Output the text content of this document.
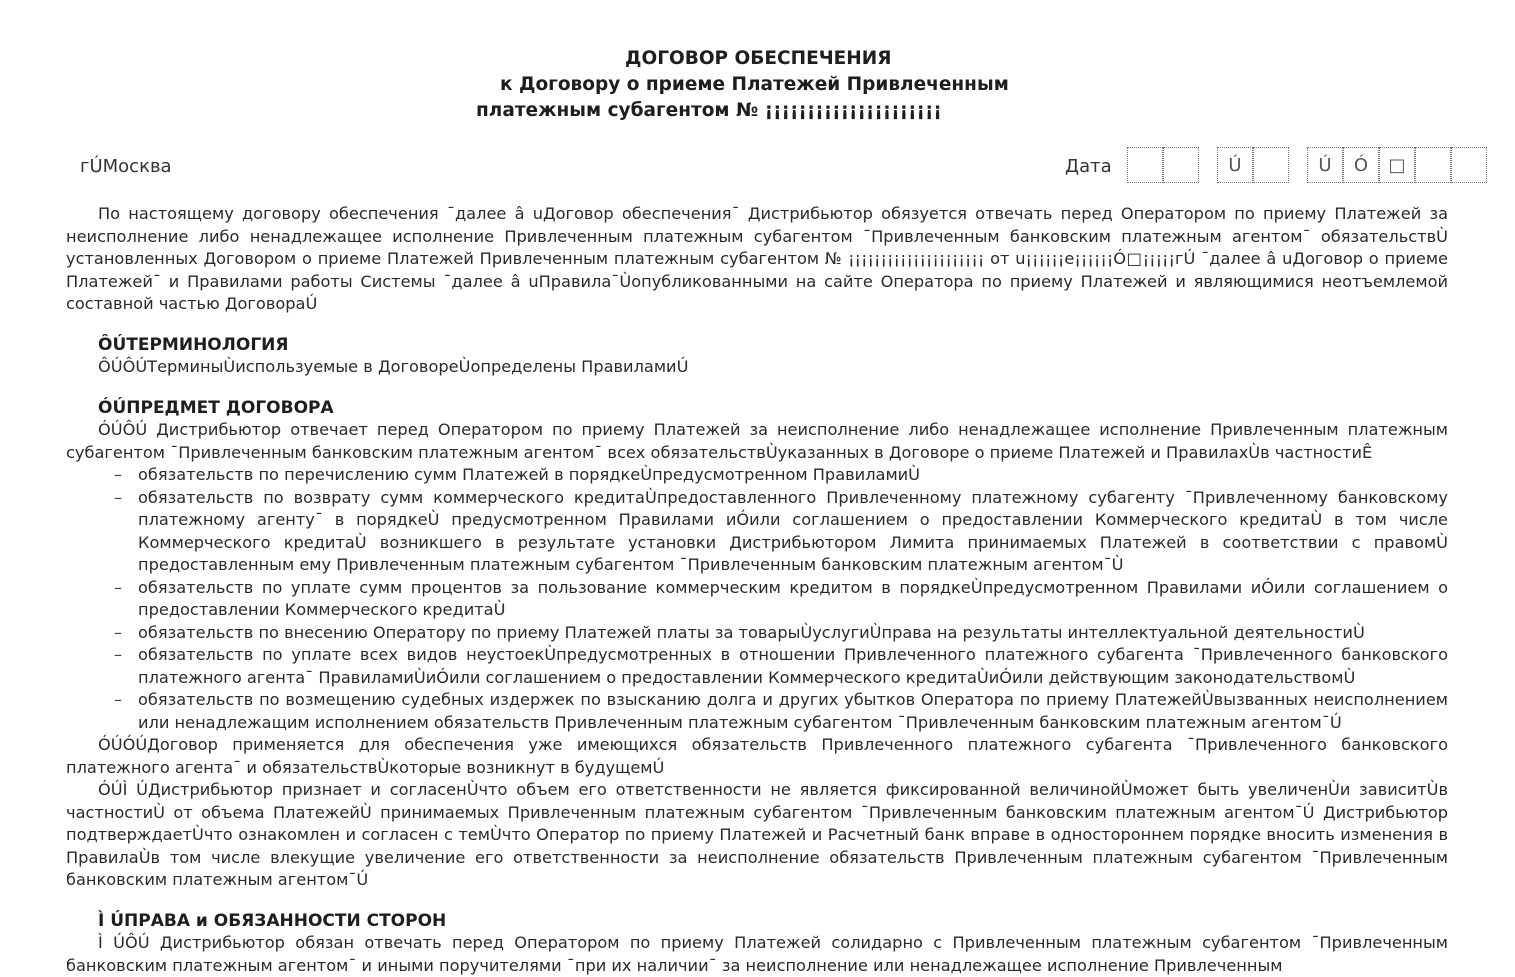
ДОГОВОР ОБЕСПЕЧЕНИЯ
к Договору о приеме Платежей Привлеченным
платежным субагентом № ¡¡¡¡¡¡¡¡¡¡¡¡¡¡¡¡¡¡¡¡¡
гÚМосква	Дата	Ú	Ú	Ó	□

По настоящему договору обеспечения ¯далее â uДоговор обеспечения¯ Дистрибьютор обязуется отвечать перед Оператором по приему Платежей за неисполнение либо ненадлежащее исполнение Привлеченным платежным субагентом ¯Привлеченным банковским платежным агентом¯ обязательствÙ установленных Договором о приеме Платежей Привлеченным платежным субагентом № ¡¡¡¡¡¡¡¡¡¡¡¡¡¡¡¡¡¡¡¡¡ от u¡¡¡¡¡¡e¡¡¡¡¡¡Ó□¡¡¡¡¡гÚ ¯далее â uДоговор о приеме Платежей¯ и Правилами работы Системы ¯далее â uПравила¯Ùопубликованными на сайте Оператора по приему Платежей и являющимися неотъемлемой составной частью ДоговораÚ

ÔÚТЕРМИНОЛОГИЯ

ÔÚÔÚТерминыÙиспользуемые в ДоговореÙопределены ПравиламиÚ

ÓÚПРЕДМЕТ ДОГОВОРА

ÓÚÔÚ Дистрибьютор отвечает перед Оператором по приему Платежей за неисполнение либо ненадлежащее исполнение Привлеченным платежным субагентом ¯Привлеченным банковским платежным агентом¯ всех обязательствÙуказанных в Договоре о приеме Платежей и ПравилахÙв частностиÊ

– обязательств по перечислению сумм Платежей в порядкеÙпредусмотренном ПравиламиÙ
– обязательств по возврату сумм коммерческого кредитаÙпредоставленного Привлеченному платежному субагенту ¯Привлеченному банковскому платежному агенту¯ в порядкеÙ предусмотренном Правилами иÓили соглашением о предоставлении Коммерческого кредитаÙ в том числе Коммерческого кредитаÙ возникшего в результате установки Дистрибьютором Лимита принимаемых Платежей в соответствии с правомÙ предоставленным ему Привлеченным платежным субагентом ¯Привлеченным банковским платежным агентом¯Ù
– обязательств по уплате сумм процентов за пользование коммерческим кредитом в порядкеÙпредусмотренном Правилами иÓили соглашением о предоставлении Коммерческого кредитаÙ
– обязательств по внесению Оператору по приему Платежей платы за товарыÙуслугиÙправа на результаты интеллектуальной деятельностиÙ
– обязательств по уплате всех видов неустоекÙпредусмотренных в отношении Привлеченного платежного субагента ¯Привлеченного банковского платежного агента¯ ПравиламиÙиÓили соглашением о предоставлении Коммерческого кредитаÙиÓили действующим законодательствомÙ
– обязательств по возмещению судебных издержек по взысканию долга и других убытков Оператора по приему ПлатежейÙвызванных неисполнением или ненадлежащим исполнением обязательств Привлеченным платежным субагентом ¯Привлеченным банковским платежным агентом¯Ú

ÓÚÓÚДоговор применяется для обеспечения уже имеющихся обязательств Привлеченного платежного субагента ¯Привлеченного банковского платежного агента¯ и обязательствÙкоторые возникнут в будущемÚ

ÓÚÌ ÚДистрибьютор признает и согласенÙчто объем его ответственности не является фиксированной величинойÙможет быть увеличенÙи зависитÙв частностиÙ от объема ПлатежейÙ принимаемых Привлеченным платежным субагентом ¯Привлеченным банковским платежным агентом¯Ú Дистрибьютор подтверждаетÙчто ознакомлен и согласен с темÙчто Оператор по приему Платежей и Расчетный банк вправе в одностороннем порядке вносить изменения в ПравилаÙв том числе влекущие увеличение его ответственности за неисполнение обязательств Привлеченным платежным субагентом ¯Привлеченным банковским платежным агентом¯Ú

Ì ÚПРАВА и ОБЯЗАННОСТИ СТОРОН

Ì ÚÔÚ Дистрибьютор обязан отвечать перед Оператором по приему Платежей солидарно с Привлеченным платежным субагентом ¯Привлеченным банковским платежным агентом¯ и иными поручителями ¯при их наличии¯ за неисполнение или ненадлежащее исполнение Привлеченным
